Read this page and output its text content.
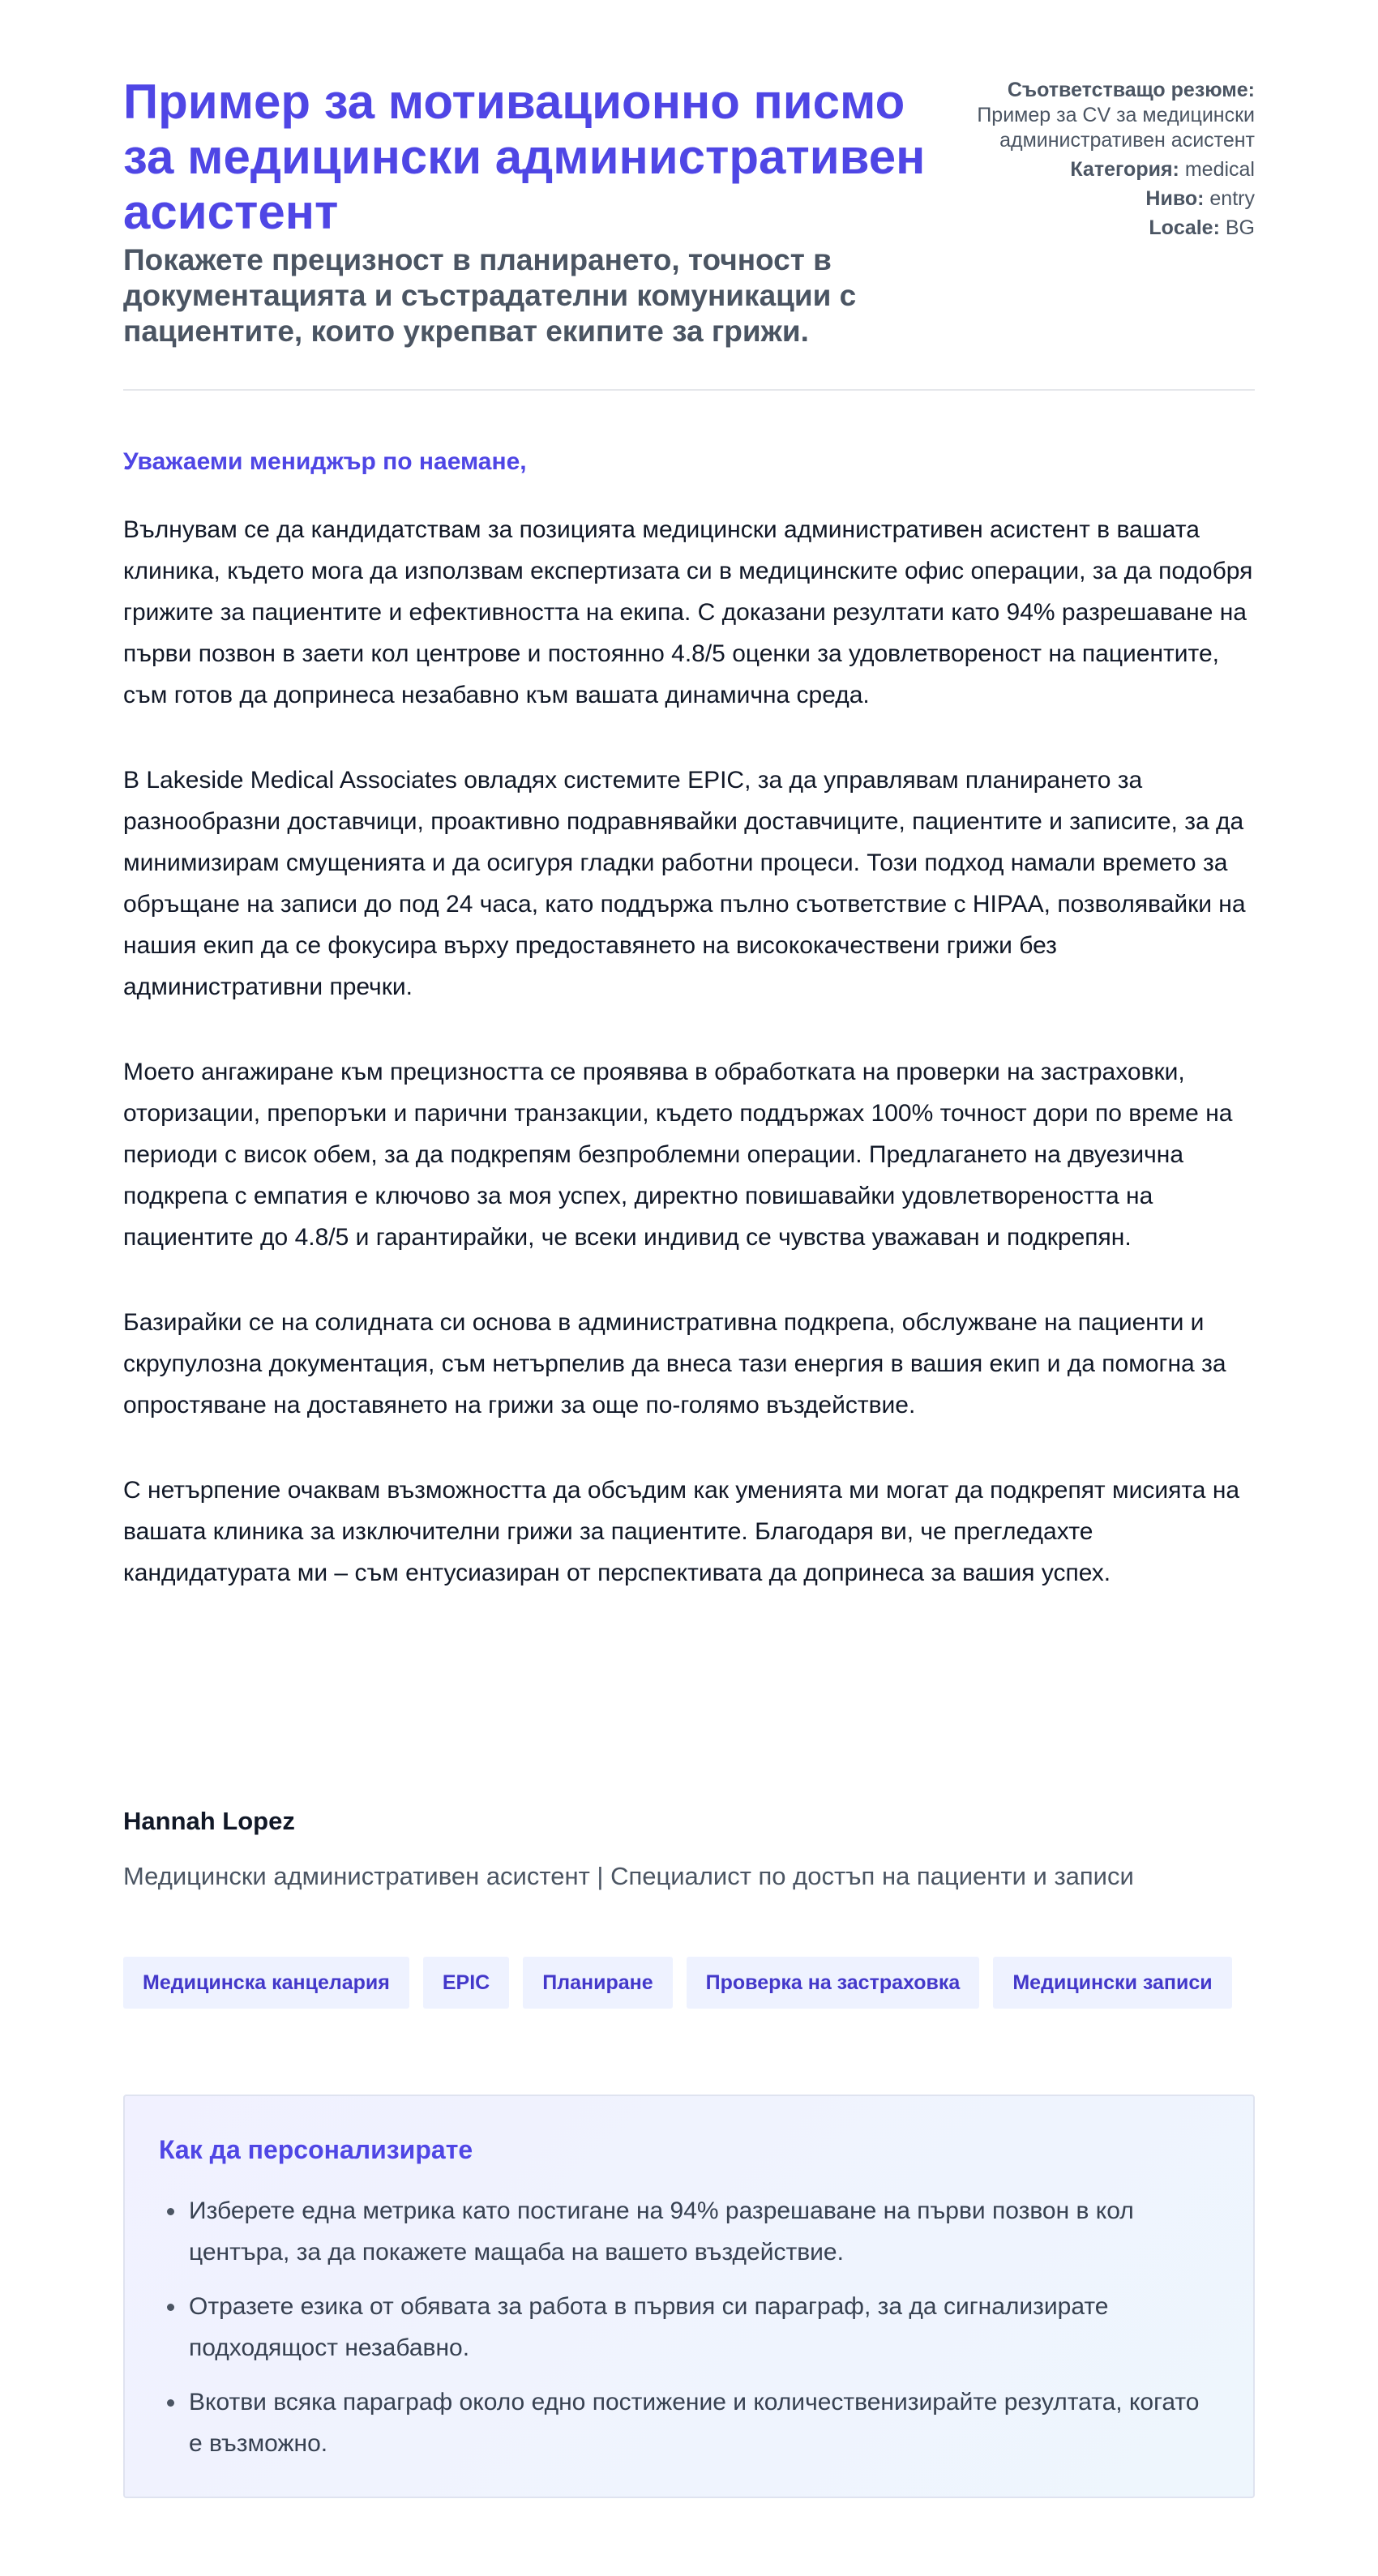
Пример за мотивационно писмо за медицински административен асистент
Покажете прецизност в планирането, точност в документацията и състрадателни комуникации с пациентите, които укрепват екипите за грижи.
Съответстващо резюме:
Пример за CV за медицински административен асистент
Категория: medical
Ниво: entry
Locale: BG
Уважаеми мениджър по наемане,

Вълнувам се да кандидатствам за позицията медицински административен асистент в вашата клиника, където мога да използвам експертизата си в медицинските офис операции, за да подобря грижите за пациентите и ефективността на екипа. С доказани резултати като 94% разрешаване на първи позвон в заети кол центрове и постоянно 4.8/5 оценки за удовлетвореност на пациентите, съм готов да допринеса незабавно към вашата динамична среда.

В Lakeside Medical Associates овладях системите EPIC, за да управлявам планирането за разнообразни доставчици, проактивно подравнявайки доставчиците, пациентите и записите, за да минимизирам смущенията и да осигуря гладки работни процеси. Този подход намали времето за обръщане на записи до под 24 часа, като поддържа пълно съответствие с HIPAA, позволявайки на нашия екип да се фокусира върху предоставянето на висококачествени грижи без административни пречки.

Моето ангажиране към прецизността се проявява в обработката на проверки на застраховки, оторизации, препоръки и парични транзакции, където поддържах 100% точност дори по време на периоди с висок обем, за да подкрепям безпроблемни операции. Предлагането на двуезична подкрепа с емпатия е ключово за моя успех, директно повишавайки удовлетвореността на пациентите до 4.8/5 и гарантирайки, че всеки индивид се чувства уважаван и подкрепян.

Базирайки се на солидната си основа в административна подкрепа, обслужване на пациенти и скрупулозна документация, съм нетърпелив да внеса тази енергия в вашия екип и да помогна за опростяване на доставянето на грижи за още по-голямо въздействие.

С нетърпение очаквам възможността да обсъдим как уменията ми могат да подкрепят мисията на вашата клиника за изключителни грижи за пациентите. Благодаря ви, че прегледахте кандидатурата ми – съм ентусиазиран от перспективата да допринеса за вашия успех.

Hannah Lopez
Медицински административен асистент | Специалист по достъп на пациенти и записи
Медицинска канцелария	EPIC	Планиране	Проверка на застраховка	Медицински записи
Как да персонализирате
Изберете една метрика като постигане на 94% разрешаване на първи позвон в кол центъра, за да покажете мащаба на вашето въздействие.
Отразете езика от обявата за работа в първия си параграф, за да сигнализирате подходящост незабавно.
Вкотви всяка параграф около едно постижение и количественизирайте резултата, когато е възможно.
